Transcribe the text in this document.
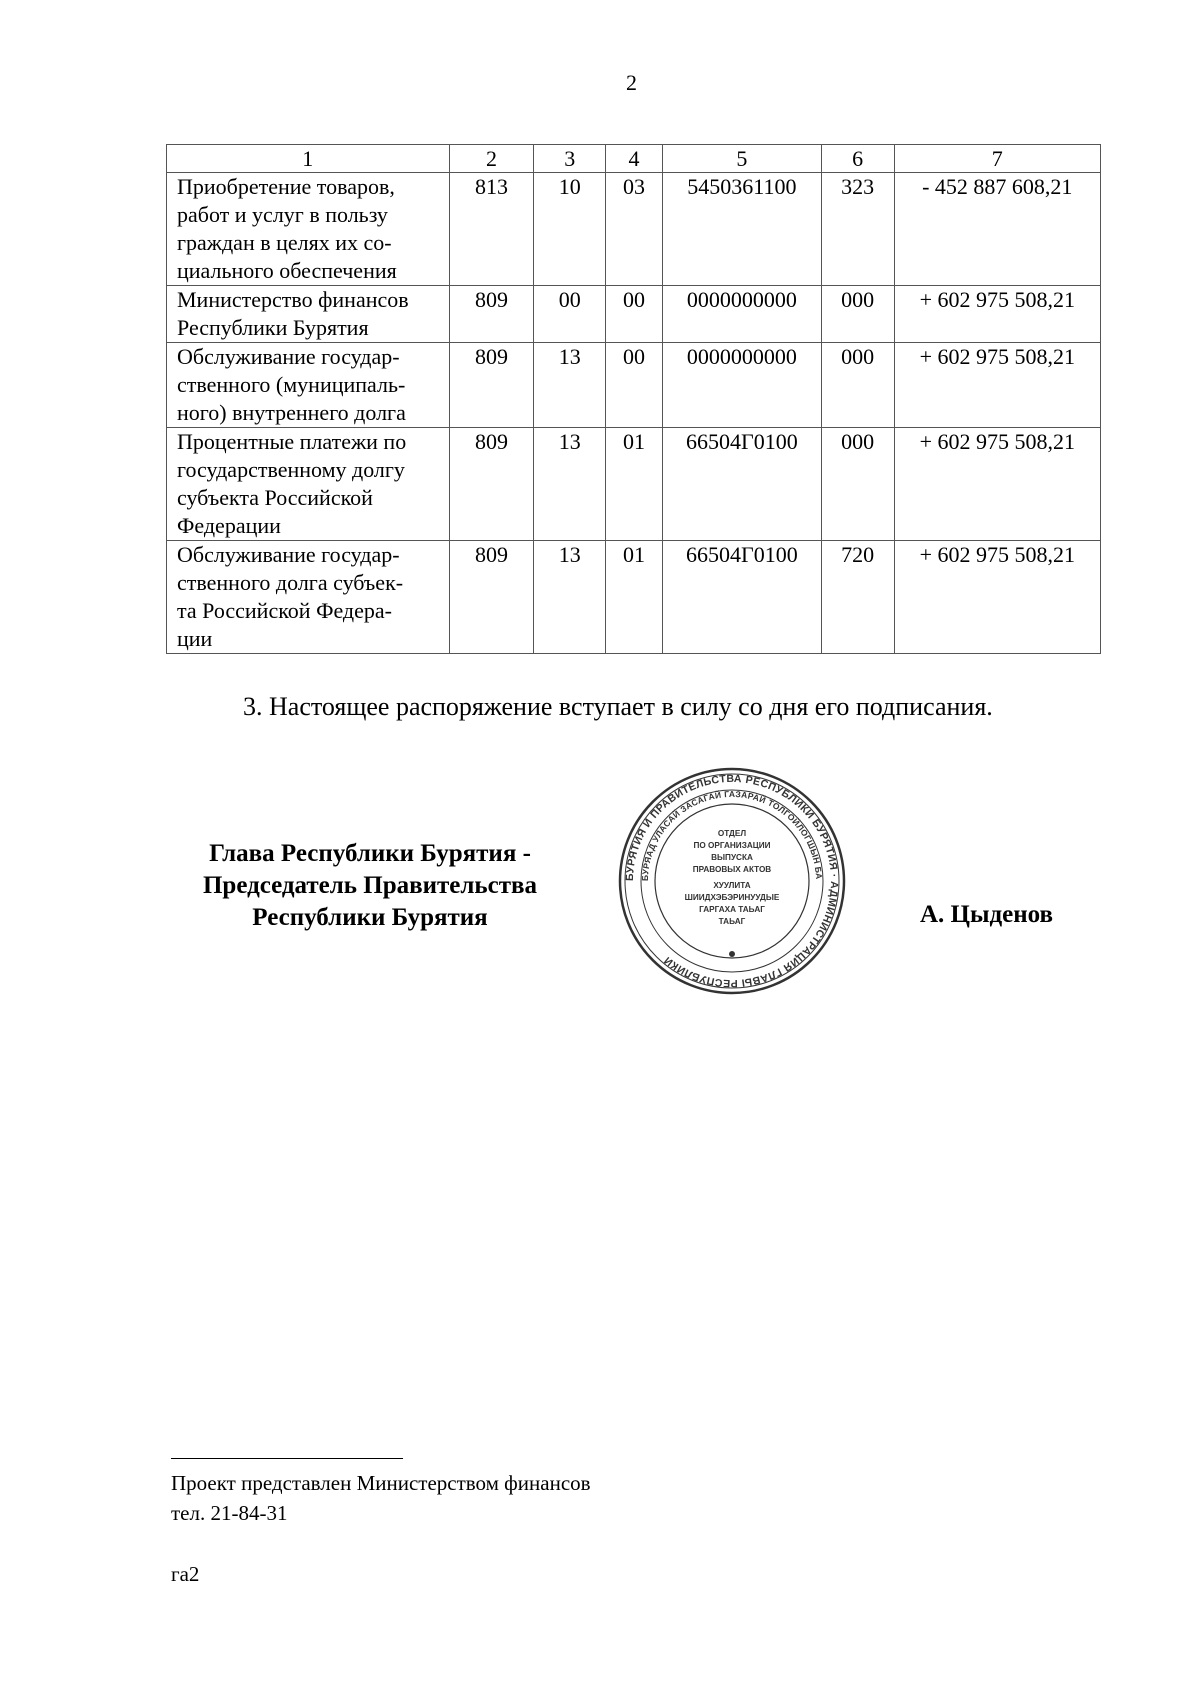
2
1	2	3	4	5	6	7

Приобретение товаров,
работ и услуг в пользу
граждан в целях их со-
циального обеспечения	813	10	03	5450361100	323	- 452 887 608,21

Министерство финансов
Республики Бурятия	809	00	00	0000000000	000	+ 602 975 508,21

Обслуживание государ-
ственного (муниципаль-
ного) внутреннего долга	809	13	00	0000000000	000	+ 602 975 508,21

Процентные платежи по
государственному долгу
субъекта Российской
Федерации	809	13	01	66504Г0100	000	+ 602 975 508,21

Обслуживание государ-
ственного долга субъек-
та Российской Федера-
ции	809	13	01	66504Г0100	720	+ 602 975 508,21
3. Настоящее распоряжение вступает в силу со дня его подписания.
Глава Республики Бурятия -
Председатель Правительства
Республики Бурятия
БУРЯТИЯ И ПРАВИТЕЛЬСТВА РЕСПУБЛИКИ БУРЯТИЯ · АДМИНИСТРАЦИЯ ГЛАВЫ РЕСПУБЛИКИ
БУРЯАД УЛАСАЙ ЗАСАГАЙ ГАЗАРАЙ ТОЛГОЙЛОГШЫН БА
ОТДЕЛ
ПО ОРГАНИЗАЦИИ
ВЫПУСКА
ПРАВОВЫХ АКТОВ
ХУУЛИТА
ШИИДХЭБЭРИНУУДЫЕ
ГАРГАХА ТАЬАГ
ТАЬАГ	А. Цыденов
Проект представлен Министерством финансов
тел. 21-84-31
га2
